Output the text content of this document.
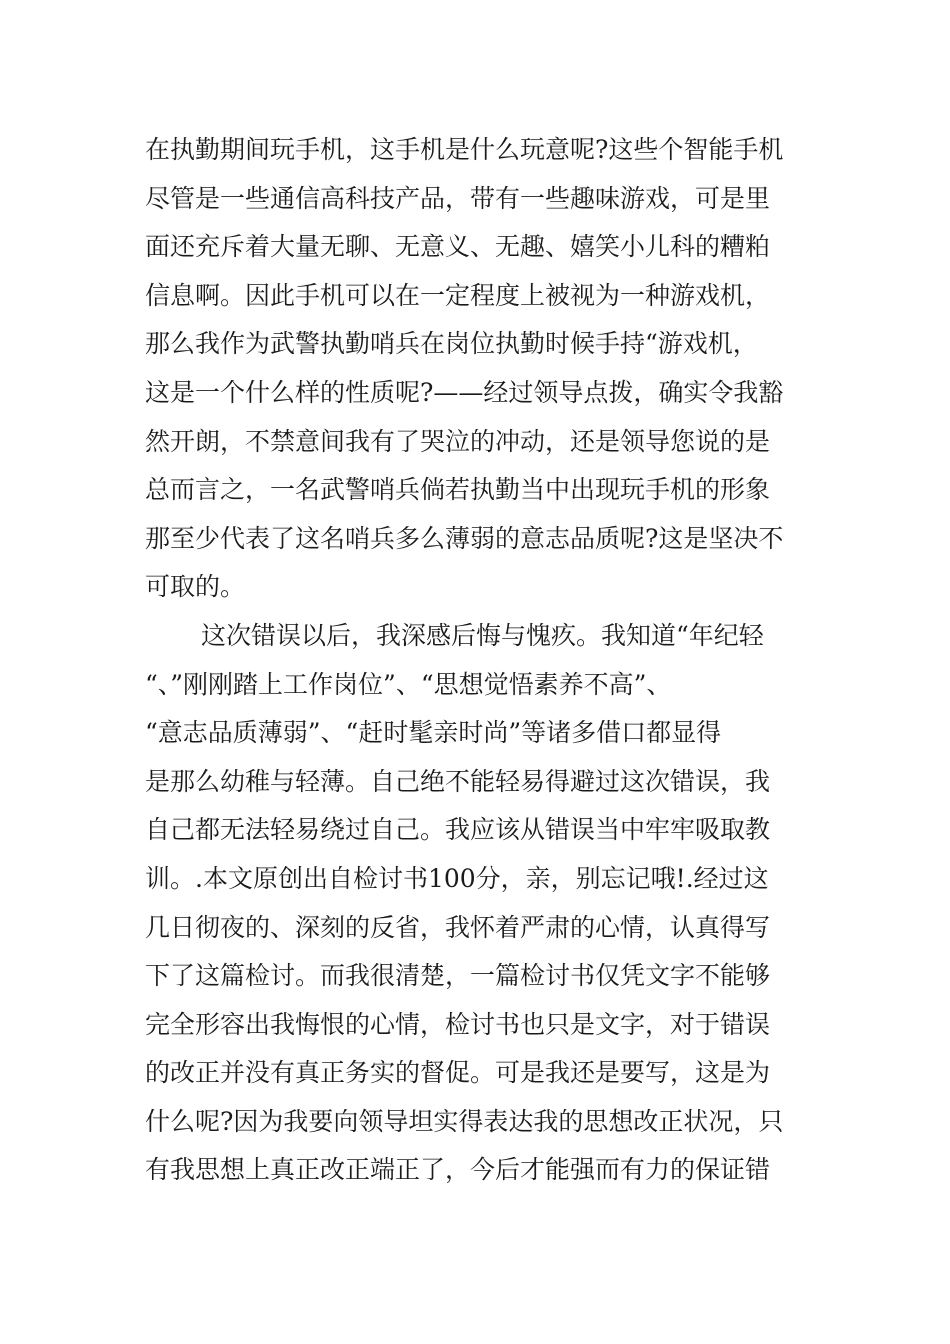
在执勤期间玩手机，这手机是什么玩意呢?这些个智能手机
尽管是一些通信高科技产品，带有一些趣味游戏，可是里
面还充斥着大量无聊、无意义、无趣、嬉笑小儿科的糟粕
信息啊。因此手机可以在一定程度上被视为一种游戏机，
那么我作为武警执勤哨兵在岗位执勤时候手持“游戏机，
这是一个什么样的性质呢?——经过领导点拨，确实令我豁
然开朗，不禁意间我有了哭泣的冲动，还是领导您说的是
总而言之，一名武警哨兵倘若执勤当中出现玩手机的形象
那至少代表了这名哨兵多么薄弱的意志品质呢?这是坚决不
可取的。
这次错误以后，我深感后悔与愧疚。我知道“年纪轻
“、”刚刚踏上工作岗位”、“思想觉悟素养不高”、
“意志品质薄弱”、“赶时髦亲时尚”等诸多借口都显得
是那么幼稚与轻薄。自己绝不能轻易得避过这次错误，我
自己都无法轻易绕过自己。我应该从错误当中牢牢吸取教
训。.本文原创出自检讨书100分，亲，别忘记哦!.经过这
几日彻夜的、深刻的反省，我怀着严肃的心情，认真得写
下了这篇检讨。而我很清楚，一篇检讨书仅凭文字不能够
完全形容出我悔恨的心情，检讨书也只是文字，对于错误
的改正并没有真正务实的督促。可是我还是要写，这是为
什么呢?因为我要向领导坦实得表达我的思想改正状况，只
有我思想上真正改正端正了，今后才能强而有力的保证错
